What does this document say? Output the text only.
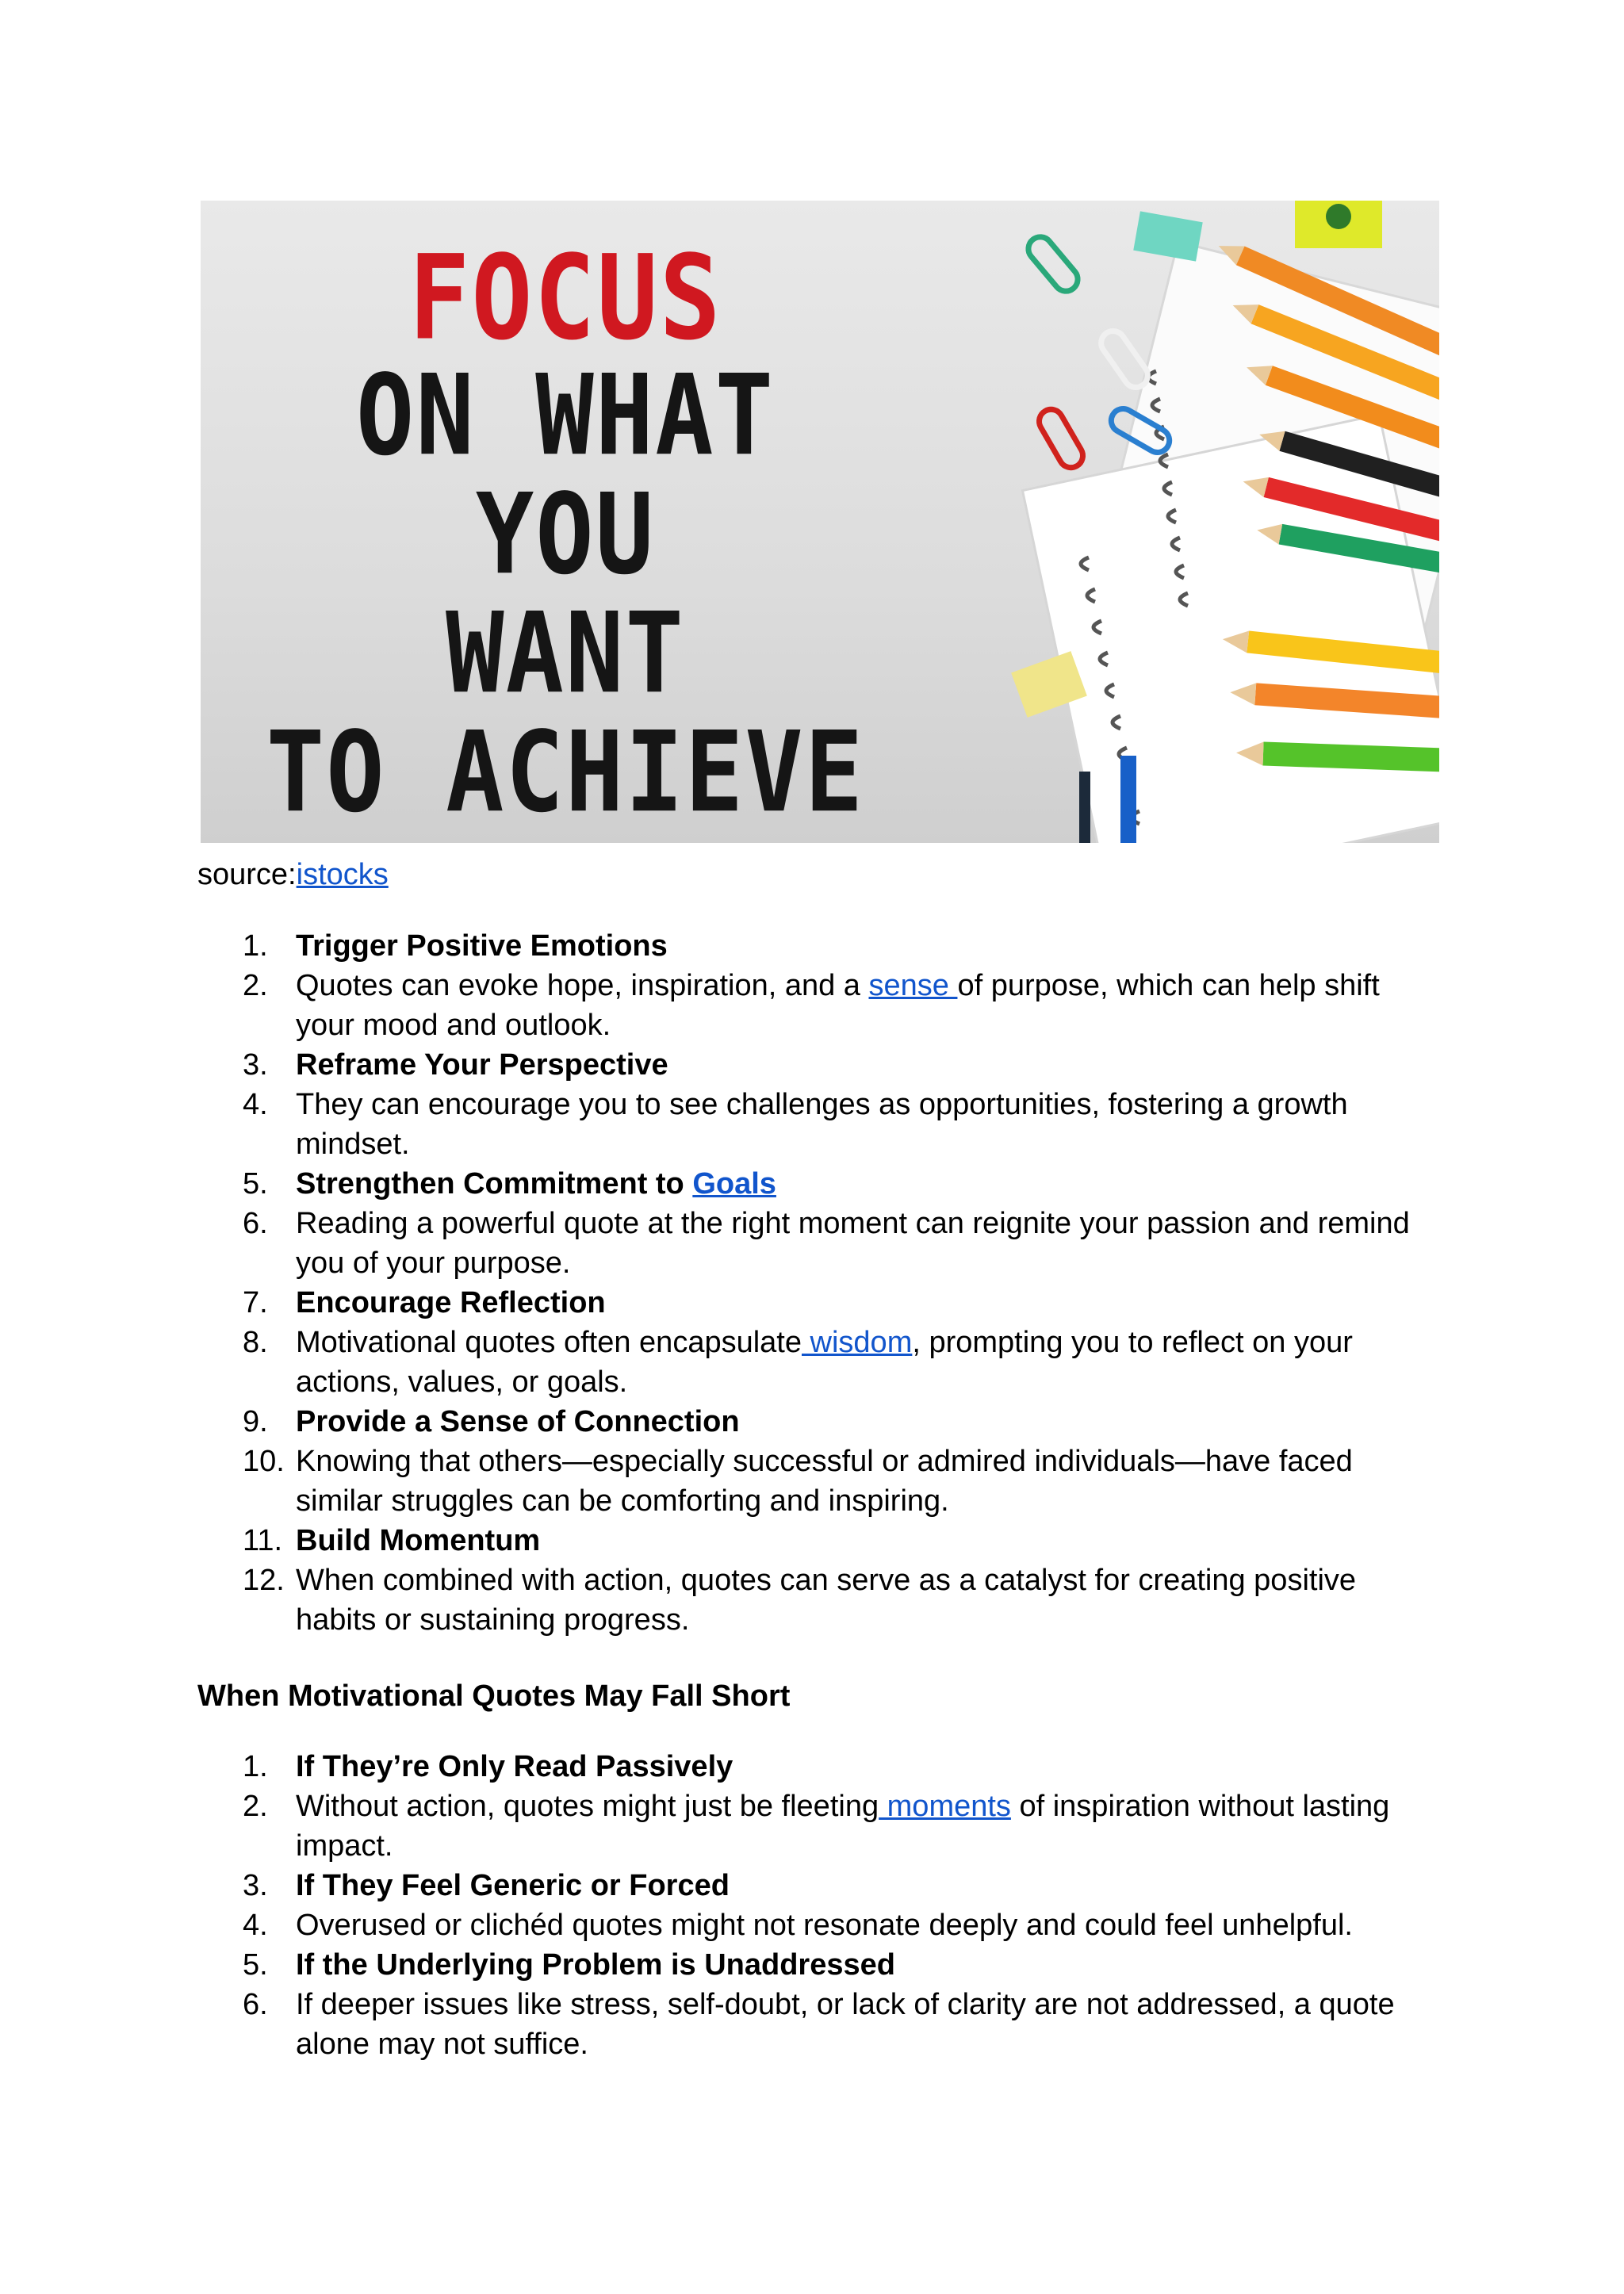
FOCUS
ON WHAT
YOU
WANT
TO ACHIEVE
source:istocks
1. Trigger Positive Emotions
2. Quotes can evoke hope, inspiration, and a sense of purpose, which can help shift your mood and outlook.
3. Reframe Your Perspective
4. They can encourage you to see challenges as opportunities, fostering a growth mindset.
5. Strengthen Commitment to Goals
6. Reading a powerful quote at the right moment can reignite your passion and remind you of your purpose.
7. Encourage Reflection
8. Motivational quotes often encapsulate wisdom, prompting you to reflect on your actions, values, or goals.
9. Provide a Sense of Connection
10. Knowing that others—especially successful or admired individuals—have faced similar struggles can be comforting and inspiring.
11. Build Momentum
12. When combined with action, quotes can serve as a catalyst for creating positive habits or sustaining progress.
When Motivational Quotes May Fall Short
1. If They’re Only Read Passively
2. Without action, quotes might just be fleeting moments of inspiration without lasting impact.
3. If They Feel Generic or Forced
4. Overused or clichéd quotes might not resonate deeply and could feel unhelpful.
5. If the Underlying Problem is Unaddressed
6. If deeper issues like stress, self-doubt, or lack of clarity are not addressed, a quote alone may not suffice.
